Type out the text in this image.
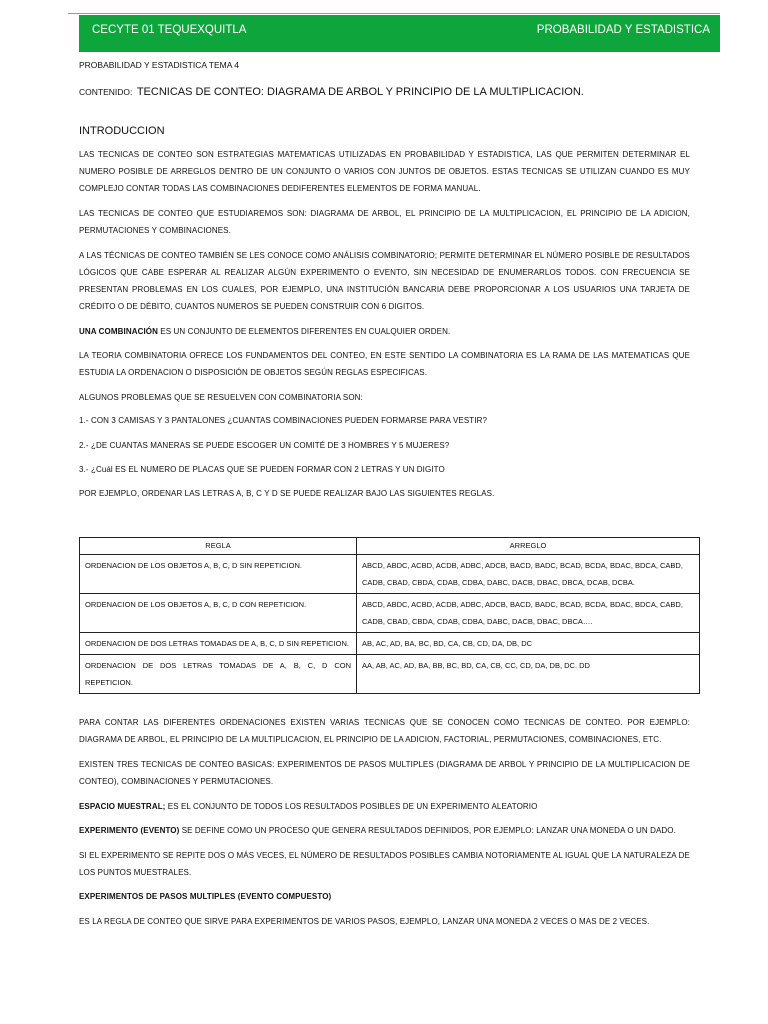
CECYTE 01 TEQUEXQUITLA	PROBABILIDAD Y ESTADISTICA
PROBABILIDAD Y ESTADISTICA TEMA 4
CONTENIDO: TECNICAS DE CONTEO: DIAGRAMA DE ARBOL Y PRINCIPIO DE LA MULTIPLICACION.
INTRODUCCION

LAS TECNICAS DE CONTEO SON ESTRATEGIAS MATEMATICAS UTILIZADAS EN PROBABILIDAD Y ESTADISTICA, LAS QUE PERMITEN DETERMINAR EL NUMERO POSIBLE DE ARREGLOS DENTRO DE UN CONJUNTO O VARIOS CON JUNTOS DE OBJETOS. ESTAS TECNICAS SE UTILIZAN CUANDO ES MUY COMPLEJO CONTAR TODAS LAS COMBINACIONES DEDIFERENTES ELEMENTOS DE FORMA MANUAL.

LAS TECNICAS DE CONTEO QUE ESTUDIAREMOS SON: DIAGRAMA DE ARBOL, EL PRINCIPIO DE LA MULTIPLICACION, EL PRINCIPIO DE LA ADICION, PERMUTACIONES Y COMBINACIONES.

A LAS TÉCNICAS DE CONTEO TAMBIÉN SE LES CONOCE COMO ANÁLISIS COMBINATORIO; PERMITE DETERMINAR EL NÚMERO POSIBLE DE RESULTADOS LÓGICOS QUE CABE ESPERAR AL REALIZAR ALGÚN EXPERIMENTO O EVENTO, SIN NECESIDAD DE ENUMERARLOS TODOS. CON FRECUENCIA SE PRESENTAN PROBLEMAS EN LOS CUALES, POR EJEMPLO, UNA INSTITUCIÓN BANCARIA DEBE PROPORCIONAR A LOS USUARIOS UNA TARJETA DE CRÉDITO O DE DÉBITO, CUANTOS NUMEROS SE PUEDEN CONSTRUIR CON 6 DIGITOS.

UNA COMBINACIÓN ES UN CONJUNTO DE ELEMENTOS DIFERENTES EN CUALQUIER ORDEN.

LA TEORIA COMBINATORIA OFRECE LOS FUNDAMENTOS DEL CONTEO, EN ESTE SENTIDO LA COMBINATORIA ES LA RAMA DE LAS MATEMATICAS QUE ESTUDIA LA ORDENACION O DISPOSICIÓN DE OBJETOS SEGÚN REGLAS ESPECIFICAS.

ALGUNOS PROBLEMAS QUE SE RESUELVEN CON COMBINATORIA SON:

1.- CON 3 CAMISAS Y 3 PANTALONES ¿CUANTAS COMBINACIONES PUEDEN FORMARSE PARA VESTIR?

2.- ¿DE CUANTAS MANERAS SE PUEDE ESCOGER UN COMITÉ DE 3 HOMBRES Y 5 MUJERES?

3.- ¿Cuál ES EL NUMERO DE PLACAS QUE SE PUEDEN FORMAR CON 2 LETRAS Y UN DIGITO

POR EJEMPLO, ORDENAR LAS LETRAS A, B, C Y D SE PUEDE REALIZAR BAJO LAS SIGUIENTES REGLAS.

REGLA	ARREGLO
ORDENACION DE LOS OBJETOS A, B, C, D SIN REPETICION.	ABCD, ABDC, ACBD, ACDB, ADBC, ADCB, BACD, BADC, BCAD, BCDA, BDAC, BDCA, CABD, CADB, CBAD, CBDA, CDAB, CDBA, DABC, DACB, DBAC, DBCA, DCAB, DCBA.
ORDENACION DE LOS OBJETOS A, B, C, D CON REPETICION.	ABCD, ABDC, ACBD, ACDB, ADBC, ADCB, BACD, BADC, BCAD, BCDA, BDAC, BDCA, CABD, CADB, CBAD, CBDA, CDAB, CDBA, DABC, DACB, DBAC, DBCA….
ORDENACION DE DOS LETRAS TOMADAS DE A, B, C, D SIN REPETICION.	AB, AC, AD, BA, BC, BD, CA, CB, CD, DA, DB, DC
ORDENACION DE DOS LETRAS TOMADAS DE A, B, C, D CON REPETICION.	AA, AB, AC, AD, BA, BB, BC, BD, CA, CB, CC, CD, DA, DB, DC. DD

PARA CONTAR LAS DIFERENTES ORDENACIONES EXISTEN VARIAS TECNICAS QUE SE CONOCEN COMO TECNICAS DE CONTEO. POR EJEMPLO: DIAGRAMA DE ARBOL, EL PRINCIPIO DE LA MULTIPLICACION, EL PRINCIPIO DE LA ADICION, FACTORIAL, PERMUTACIONES, COMBINACIONES, ETC.

EXISTEN TRES TECNICAS DE CONTEO BASICAS: EXPERIMENTOS DE PASOS MULTIPLES (DIAGRAMA DE ARBOL Y PRINCIPIO DE LA MULTIPLICACION DE CONTEO), COMBINACIONES Y PERMUTACIONES.

ESPACIO MUESTRAL; ES EL CONJUNTO DE TODOS LOS RESULTADOS POSIBLES DE UN EXPERIMENTO ALEATORIO

EXPERIMENTO (EVENTO) SE DEFINE COMO UN PROCESO QUE GENERA RESULTADOS DEFINIDOS, POR EJEMPLO: LANZAR UNA MONEDA O UN DADO.

SI EL EXPERIMENTO SE REPITE DOS O MÁS VECES, EL NÚMERO DE RESULTADOS POSIBLES CAMBIA NOTORIAMENTE AL IGUAL QUE LA NATURALEZA DE LOS PUNTOS MUESTRALES.

EXPERIMENTOS DE PASOS MULTIPLES (EVENTO COMPUESTO)

ES LA REGLA DE CONTEO QUE SIRVE PARA EXPERIMENTOS DE VARIOS PASOS, EJEMPLO, LANZAR UNA MONEDA 2 VECES O MAS DE 2 VECES.
